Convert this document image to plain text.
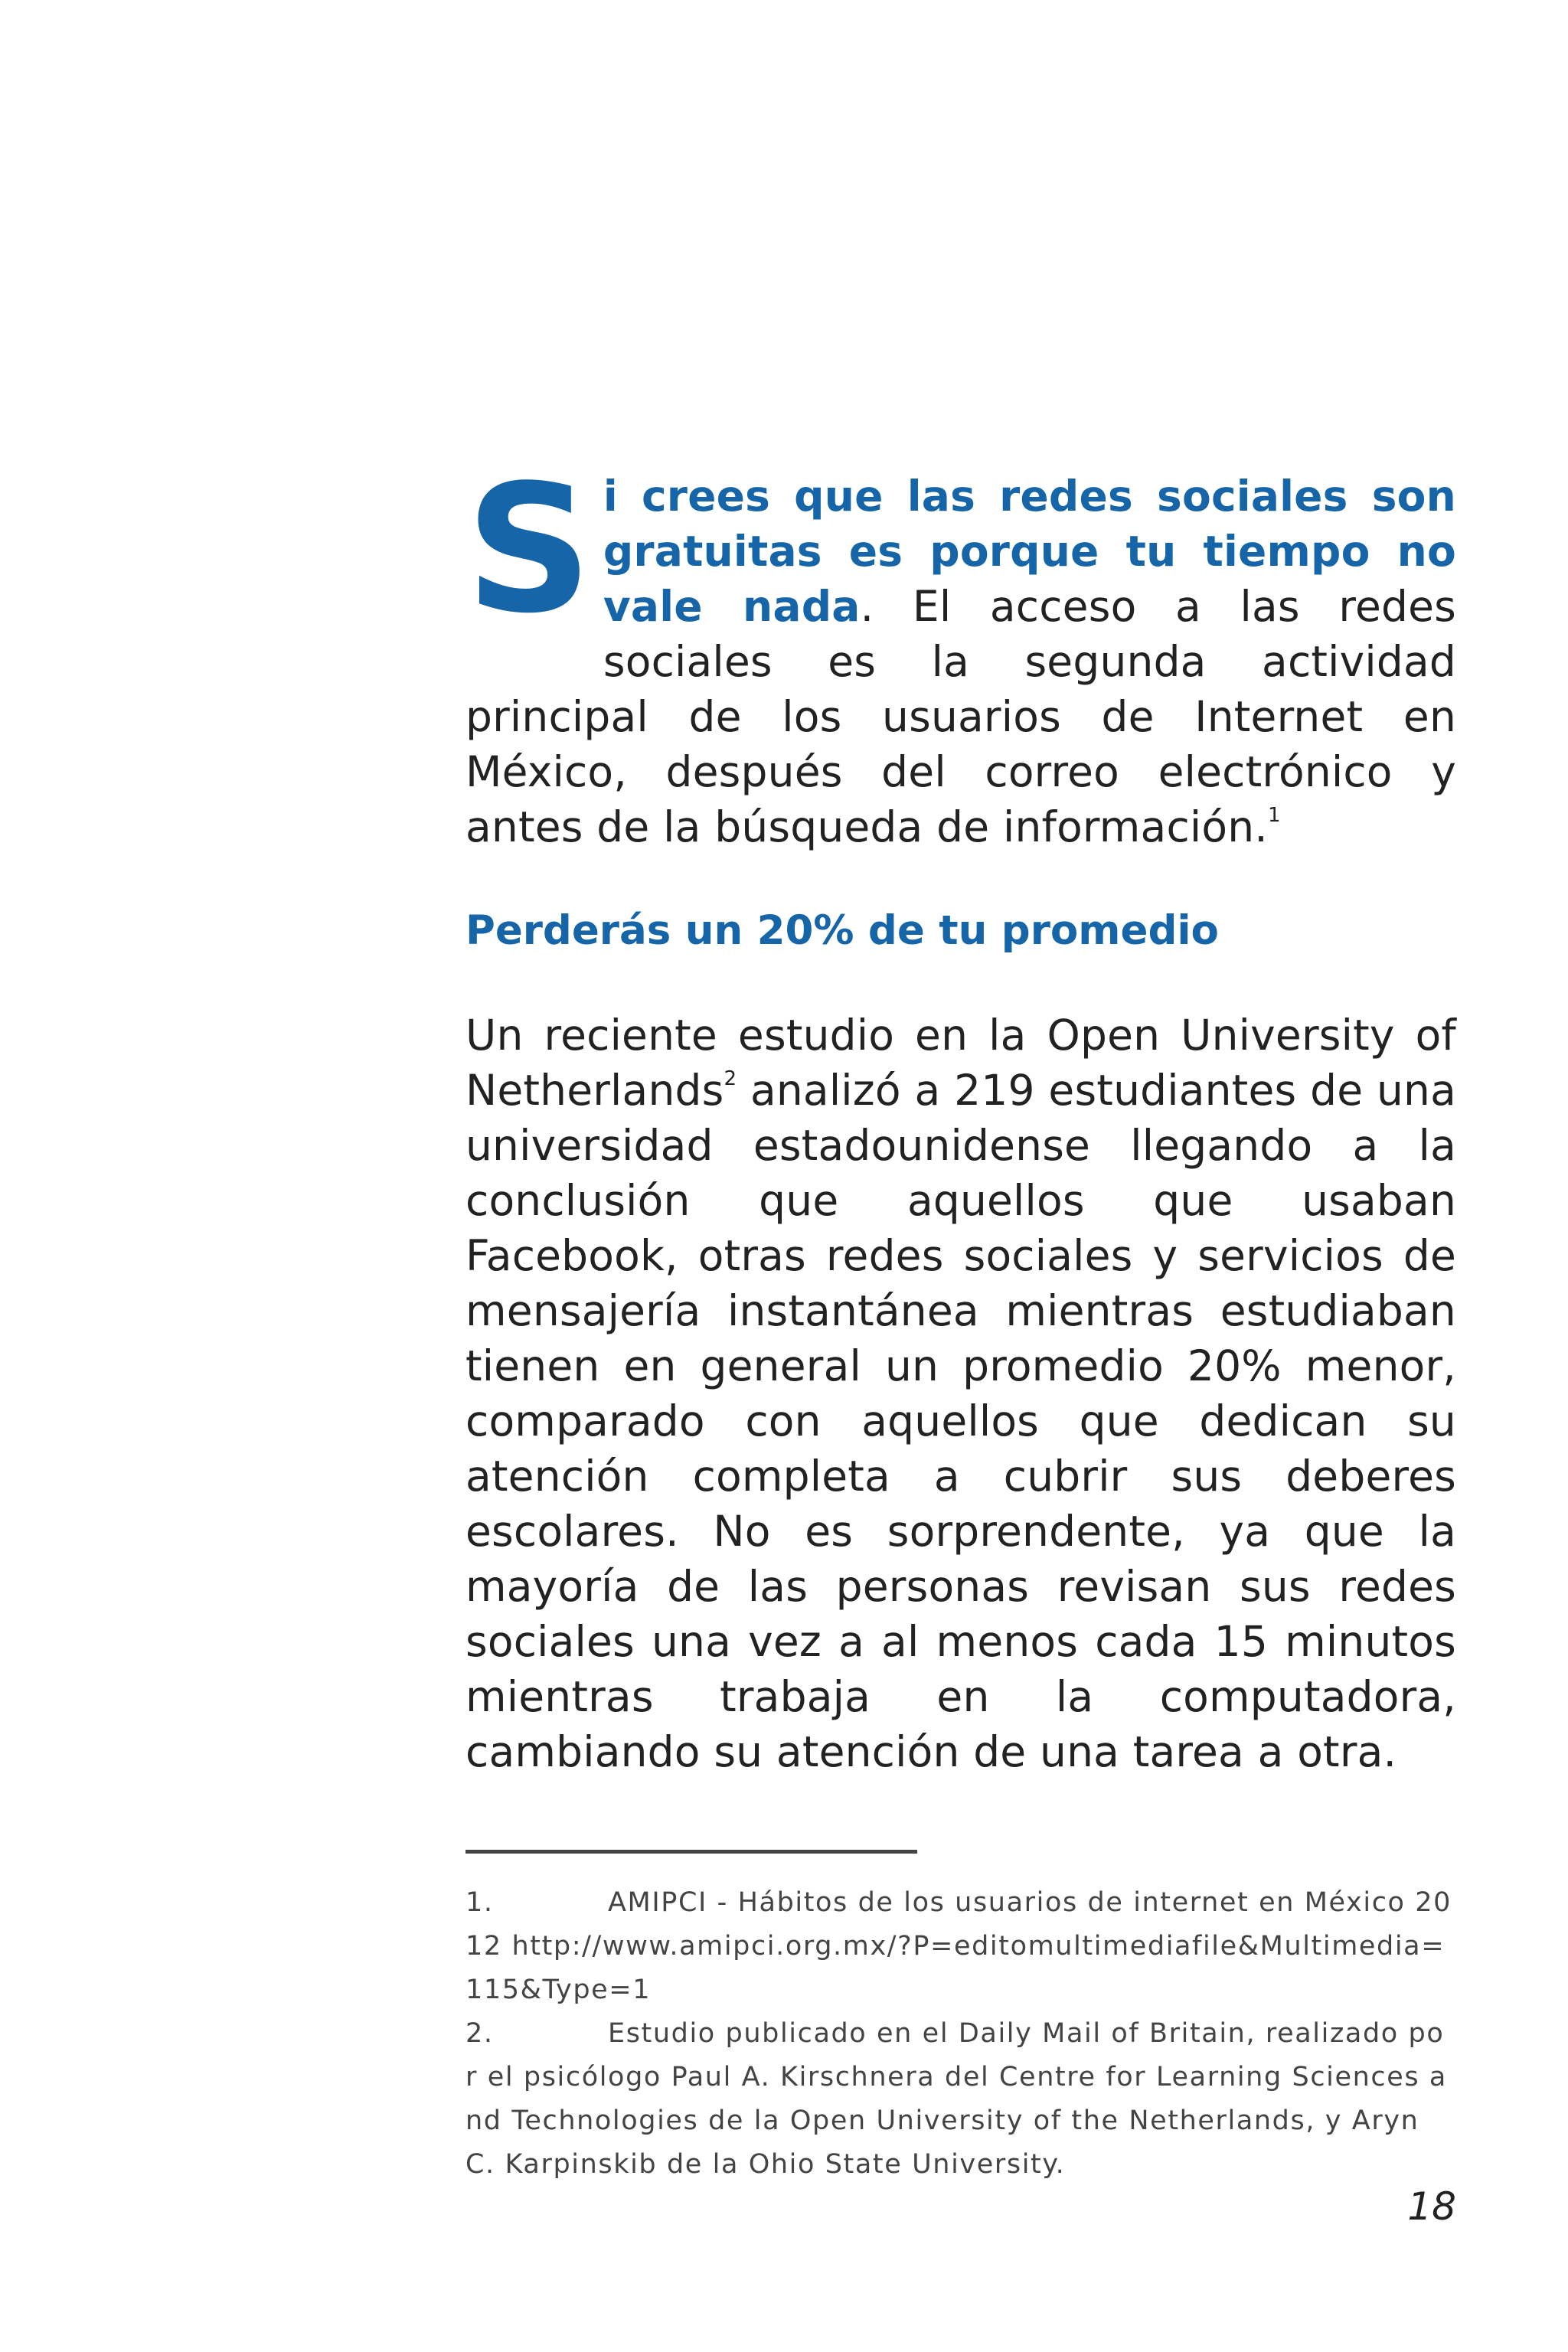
Si crees que las redes sociales son gratuitas es porque tu tiempo no vale nada. El acceso a las redes sociales es la segunda actividad principal de los usuarios de Internet en México, después del correo electrónico y antes de la búsqueda de información.$^1$

Perderás un 20% de tu promedio

Un reciente estudio en la Open University of Netherlands$^2$ analizó a 219 estudiantes de una universidad estadounidense llegando a la conclusión que aquellos que usaban Facebook, otras redes sociales y servicios de mensajería instantánea mientras estudiaban tienen en general un promedio 20% menor, comparado con aquellos que dedican su atención completa a cubrir sus deberes escolares. No es sorprendente, ya que la mayoría de las personas revisan sus redes sociales una vez a al menos cada 15 minutos mientras trabaja en la computadora, cambiando su atención de una tarea a otra.

1.	AMIPCI - Hábitos de los usuarios de internet en México 2012 http://www.amipci.org.mx/?P=editomultimediafile&Multimedia=115&Type=1

2.	Estudio publicado en el Daily Mail of Britain, realizado por el psicólogo Paul A. Kirschnera del Centre for Learning Sciences and Technologies de la Open University of the Netherlands, y Aryn C. Karpinskib de la Ohio State University.

18
